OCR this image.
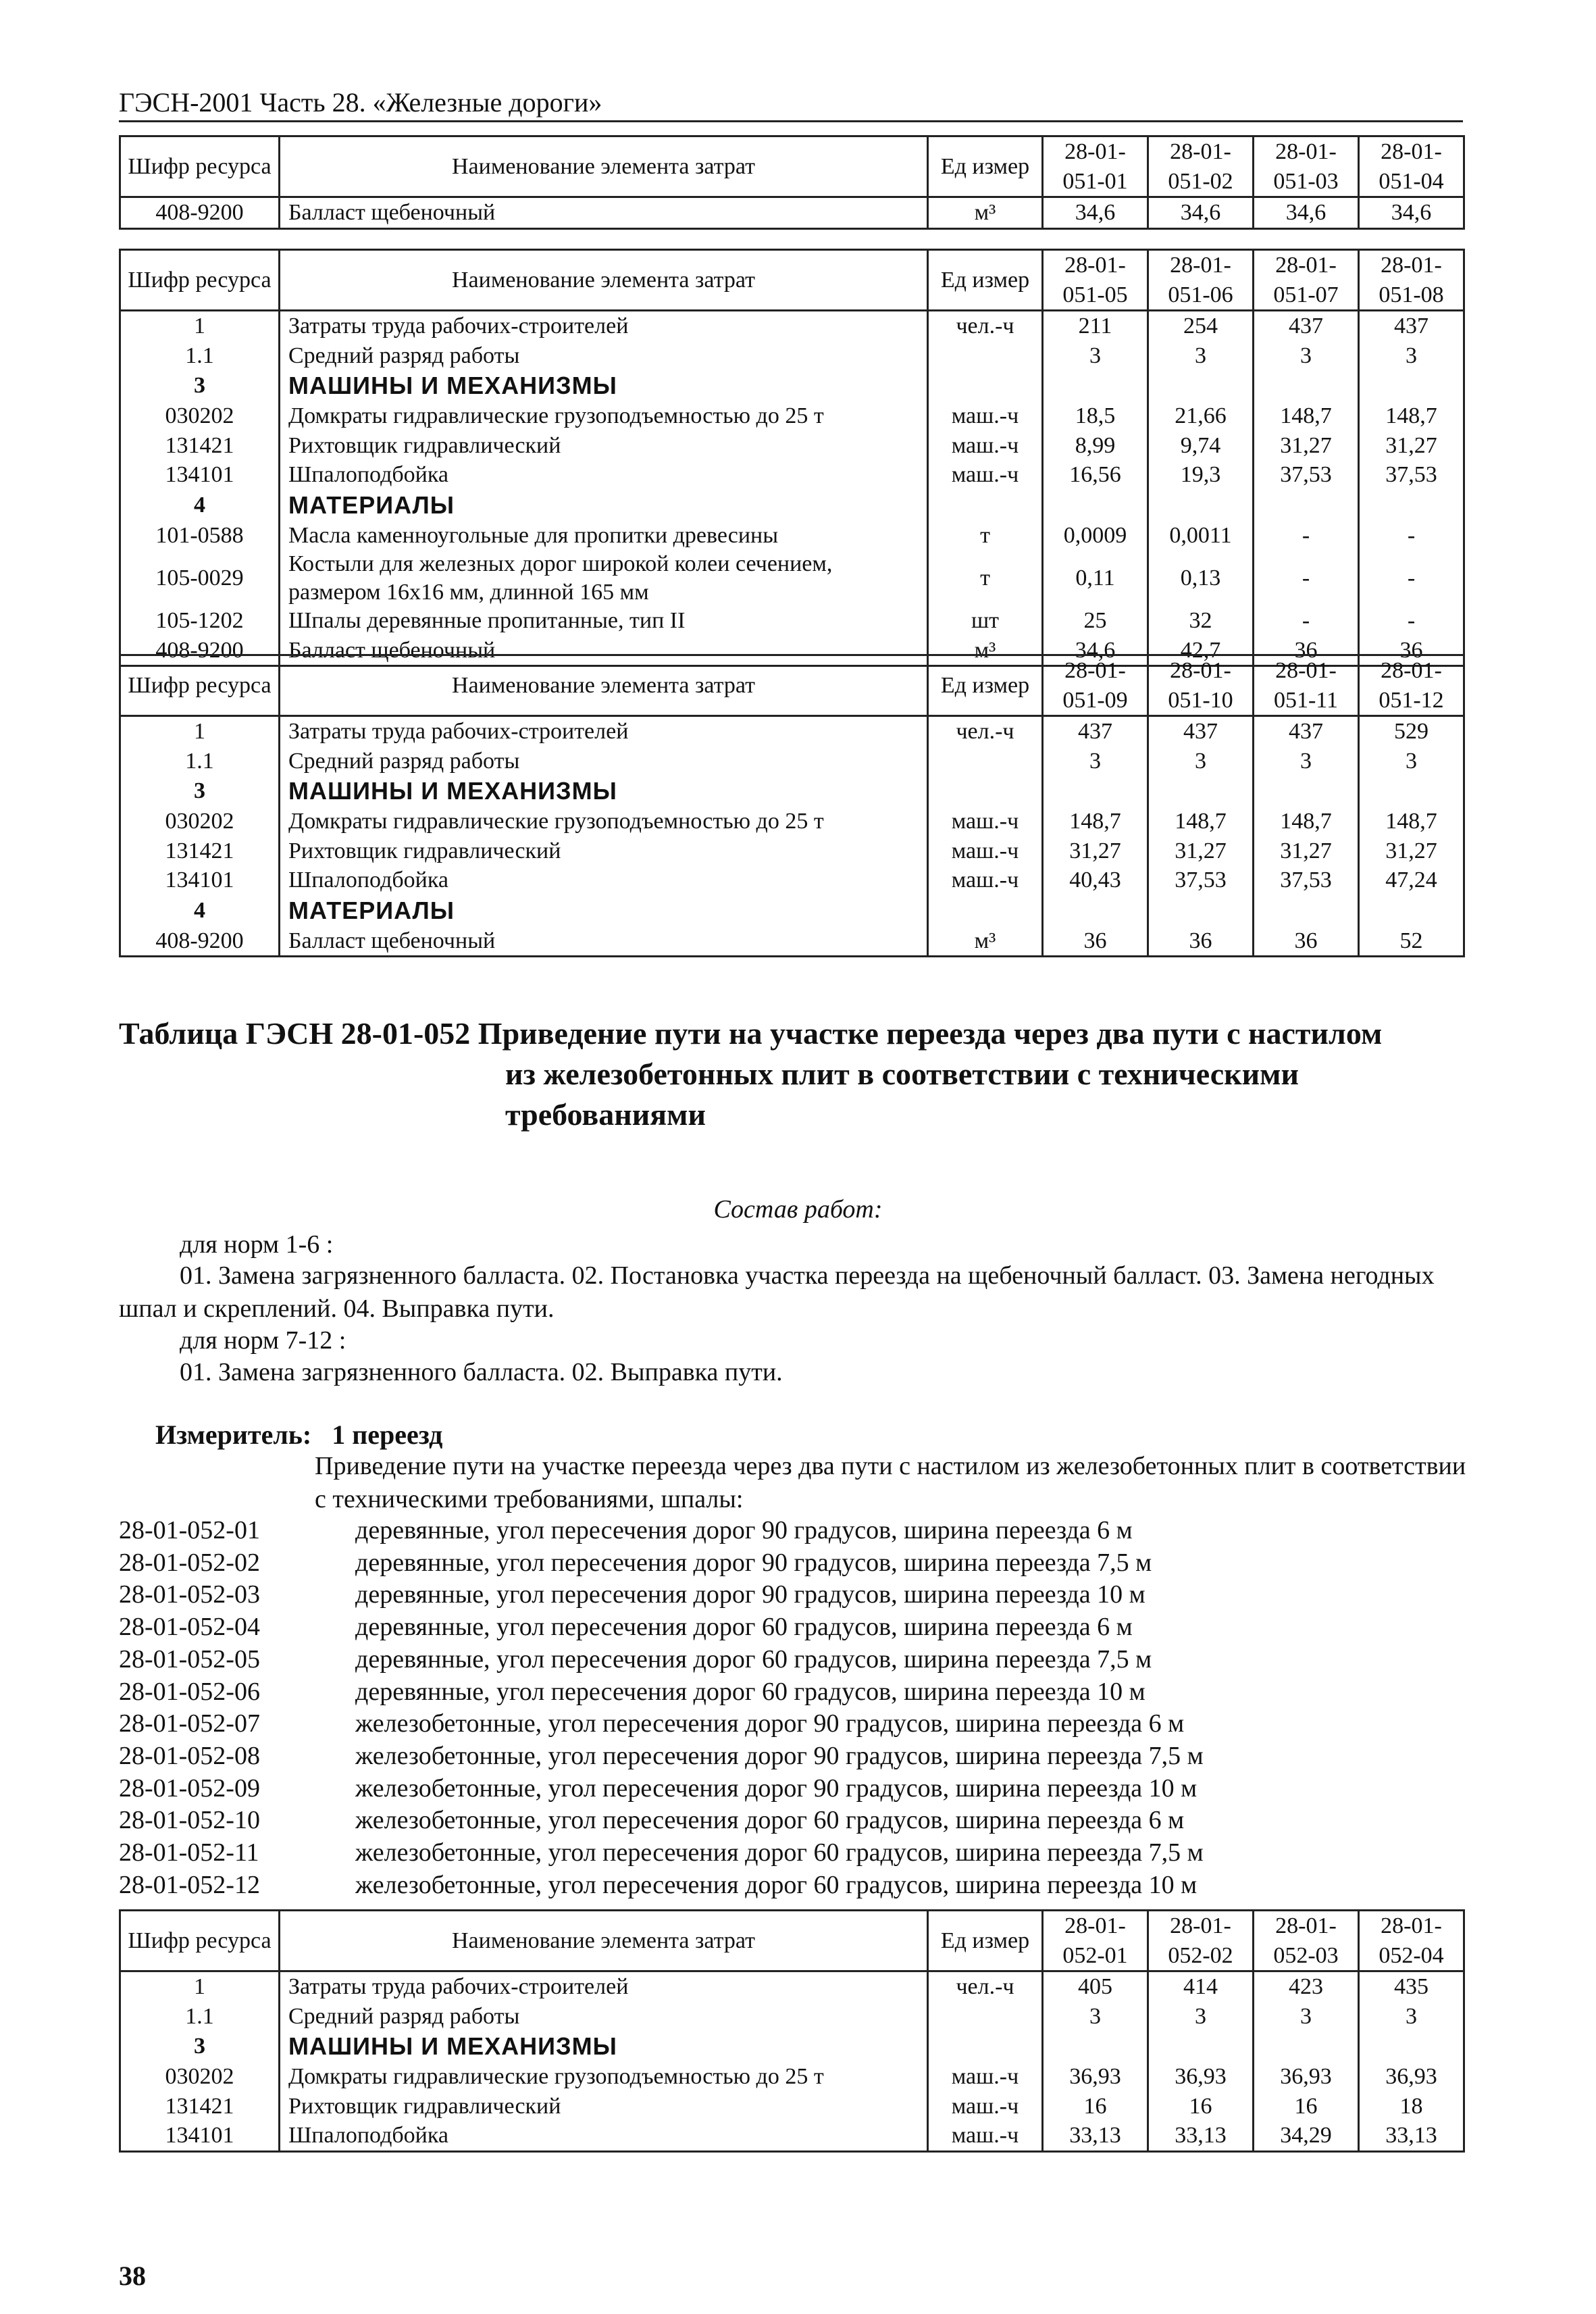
ГЭСН-2001 Часть 28. «Железные дороги»
Шифр ресурса	Наименование элемента затрат	Ед измер	28-01-051-01	28-01-051-02	28-01-051-03	28-01-051-04
408-9200	Балласт щебеночный	м³	34,6	34,6	34,6	34,6
Шифр ресурса	Наименование элемента затрат	Ед измер	28-01-051-05	28-01-051-06	28-01-051-07	28-01-051-08
1	Затраты труда рабочих-строителей	чел.-ч	211	254	437	437
1.1	Средний разряд работы		3	3	3	3
3	МАШИНЫ И МЕХАНИЗМЫ					
030202	Домкраты гидравлические грузоподъемностью до 25 т	маш.-ч	18,5	21,66	148,7	148,7
131421	Рихтовщик гидравлический	маш.-ч	8,99	9,74	31,27	31,27
134101	Шпалоподбойка	маш.-ч	16,56	19,3	37,53	37,53
4	МАТЕРИАЛЫ					
101-0588	Масла каменноугольные для пропитки древесины	т	0,0009	0,0011	-	-
105-0029	Костыли для железных дорог широкой колеи сечением, размером 16х16 мм, длинной 165 мм	т	0,11	0,13	-	-
105-1202	Шпалы деревянные пропитанные, тип II	шт	25	32	-	-
408-9200	Балласт щебеночный	м³	34,6	42,7	36	36
Шифр ресурса	Наименование элемента затрат	Ед измер	28-01-051-09	28-01-051-10	28-01-051-11	28-01-051-12
1	Затраты труда рабочих-строителей	чел.-ч	437	437	437	529
1.1	Средний разряд работы		3	3	3	3
3	МАШИНЫ И МЕХАНИЗМЫ					
030202	Домкраты гидравлические грузоподъемностью до 25 т	маш.-ч	148,7	148,7	148,7	148,7
131421	Рихтовщик гидравлический	маш.-ч	31,27	31,27	31,27	31,27
134101	Шпалоподбойка	маш.-ч	40,43	37,53	37,53	47,24
4	МАТЕРИАЛЫ					
408-9200	Балласт щебеночный	м³	36	36	36	52
Таблица ГЭСН 28-01-052 Приведение пути на участке переезда через два пути с настилом
из железобетонных плит в соответствии с техническими требованиями
Состав работ:
для норм 1-6 :
01. Замена загрязненного балласта. 02. Постановка участка переезда на щебеночный балласт. 03. Замена негодных шпал и скреплений. 04. Выправка пути.
для норм 7-12 :
01. Замена загрязненного балласта. 02. Выправка пути.
Измеритель: 1 переезд
Приведение пути на участке переезда через два пути с настилом из железобетонных плит в соответствии с техническими требованиями, шпалы:
28-01-052-01	деревянные, угол пересечения дорог 90 градусов, ширина переезда 6 м
28-01-052-02	деревянные, угол пересечения дорог 90 градусов, ширина переезда 7,5 м
28-01-052-03	деревянные, угол пересечения дорог 90 градусов, ширина переезда 10 м
28-01-052-04	деревянные, угол пересечения дорог 60 градусов, ширина переезда 6 м
28-01-052-05	деревянные, угол пересечения дорог 60 градусов, ширина переезда 7,5 м
28-01-052-06	деревянные, угол пересечения дорог 60 градусов, ширина переезда 10 м
28-01-052-07	железобетонные, угол пересечения дорог 90 градусов, ширина переезда 6 м
28-01-052-08	железобетонные, угол пересечения дорог 90 градусов, ширина переезда 7,5 м
28-01-052-09	железобетонные, угол пересечения дорог 90 градусов, ширина переезда 10 м
28-01-052-10	железобетонные, угол пересечения дорог 60 градусов, ширина переезда 6 м
28-01-052-11	железобетонные, угол пересечения дорог 60 градусов, ширина переезда 7,5 м
28-01-052-12	железобетонные, угол пересечения дорог 60 градусов, ширина переезда 10 м
Шифр ресурса	Наименование элемента затрат	Ед измер	28-01-052-01	28-01-052-02	28-01-052-03	28-01-052-04
1	Затраты труда рабочих-строителей	чел.-ч	405	414	423	435
1.1	Средний разряд работы		3	3	3	3
3	МАШИНЫ И МЕХАНИЗМЫ					
030202	Домкраты гидравлические грузоподъемностью до 25 т	маш.-ч	36,93	36,93	36,93	36,93
131421	Рихтовщик гидравлический	маш.-ч	16	16	16	18
134101	Шпалоподбойка	маш.-ч	33,13	33,13	34,29	33,13
38
